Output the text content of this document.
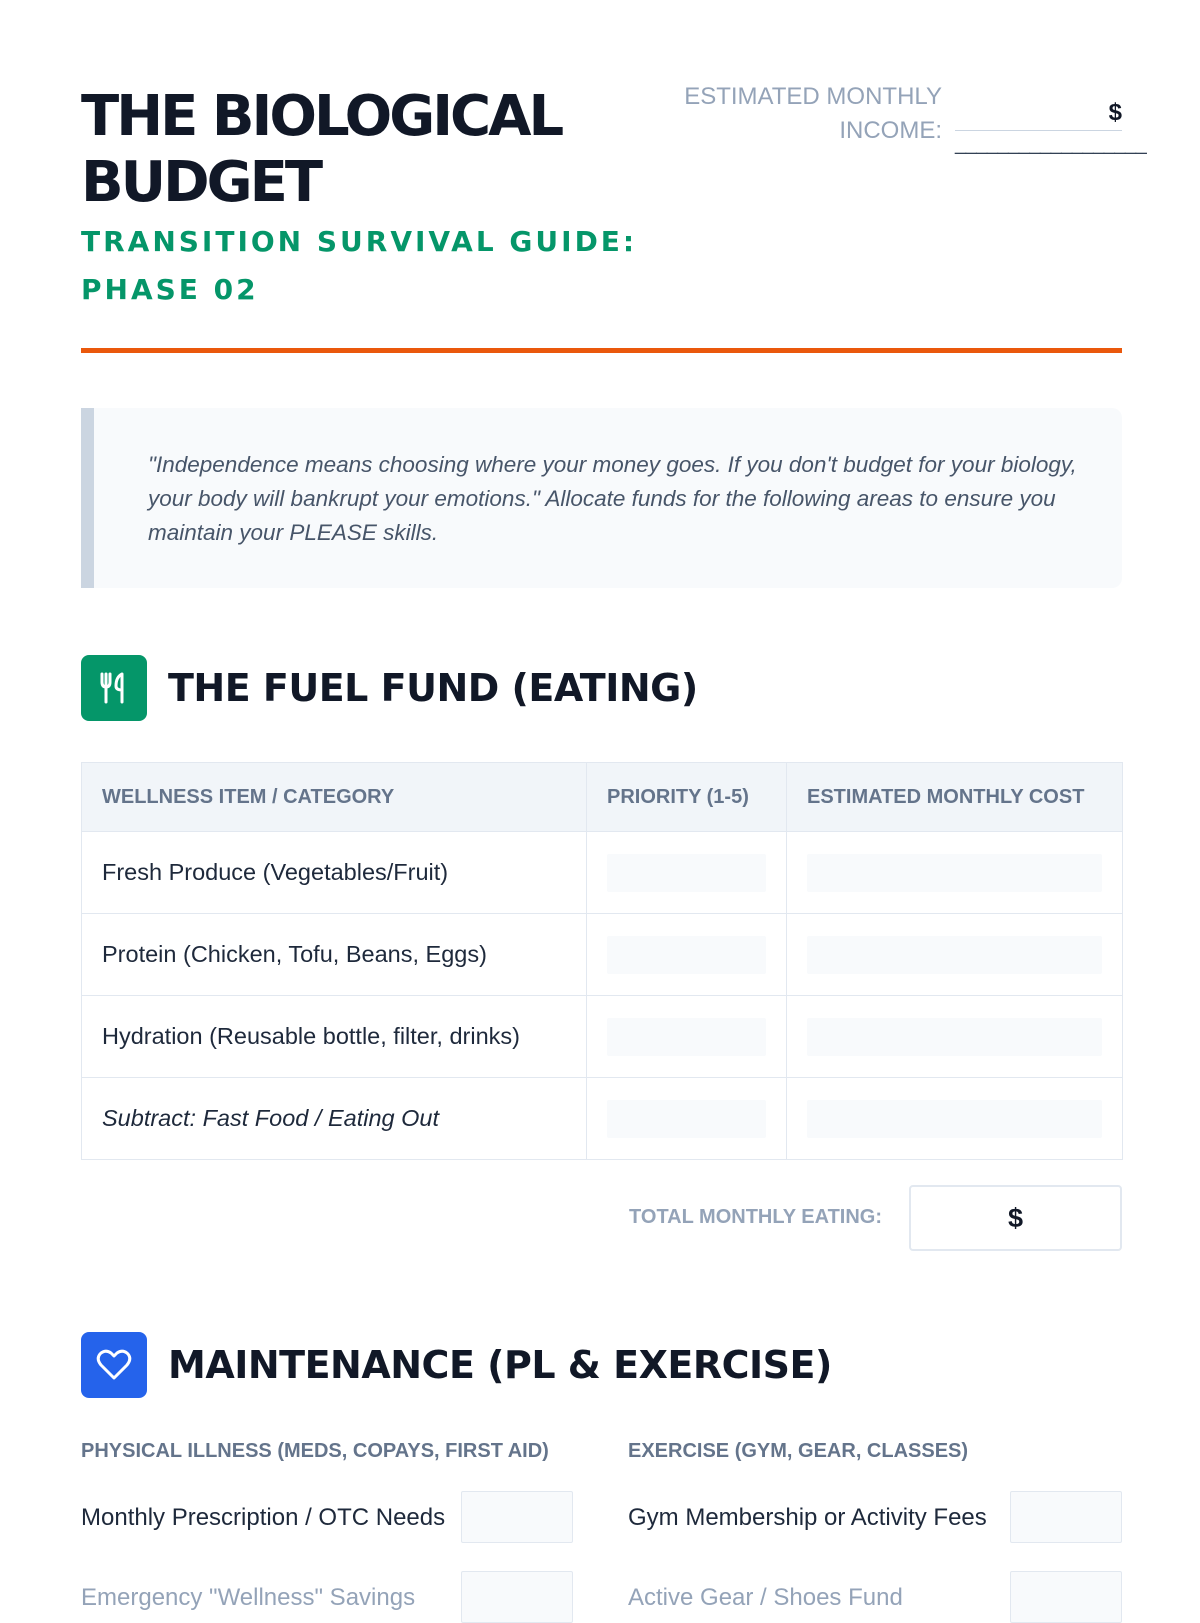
THE BIOLOGICAL
BUDGET
TRANSITION SURVIVAL GUIDE:
PHASE 02
ESTIMATED MONTHLY
INCOME:
$
__________________

"Independence means choosing where your money goes. If you don't budget for your biology, your body will bankrupt your emotions." Allocate funds for the following areas to ensure you maintain your PLEASE skills.

THE FUEL FUND (EATING)
WELLNESS ITEM / CATEGORY	PRIORITY (1-5)	ESTIMATED MONTHLY COST
Fresh Produce (Vegetables/Fruit)	

Protein (Chicken, Tofu, Beans, Eggs)	

Hydration (Reusable bottle, filter, drinks)	

Subtract: Fast Food / Eating Out	

TOTAL MONTHLY EATING:	$
MAINTENANCE (PL & EXERCISE)
PHYSICAL ILLNESS (MEDS, COPAYS, FIRST AID)	EXERCISE (GYM, GEAR, CLASSES)
Monthly Prescription / OTC Needs	Gym Membership or Activity Fees
Emergency "Wellness" Savings	Active Gear / Shoes Fund
